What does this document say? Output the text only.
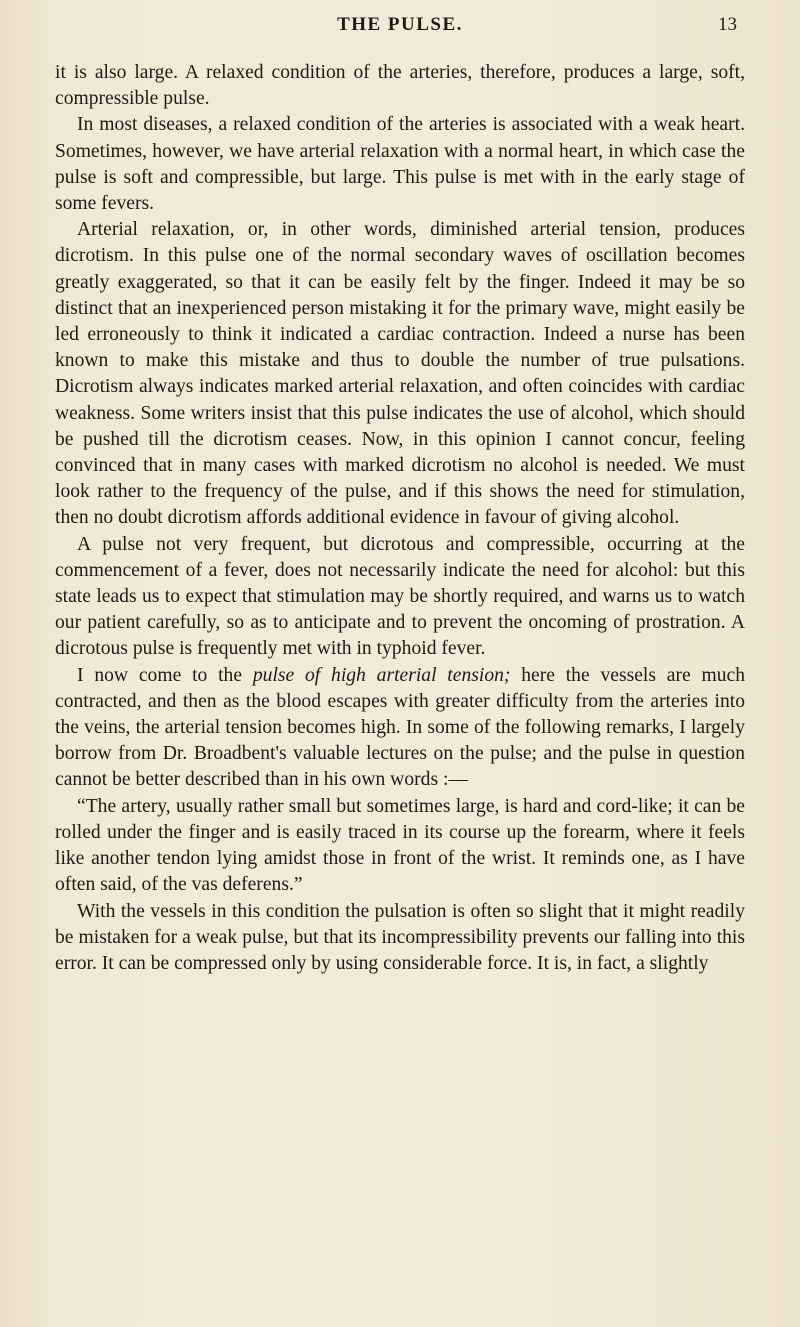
THE PULSE.	13

it is also large. A relaxed condition of the arteries, therefore, produces a large, soft, compressible pulse.

In most diseases, a relaxed condition of the arteries is associated with a weak heart. Sometimes, however, we have arterial relaxation with a normal heart, in which case the pulse is soft and compressible, but large. This pulse is met with in the early stage of some fevers.

Arterial relaxation, or, in other words, diminished arterial tension, produces dicrotism. In this pulse one of the normal secondary waves of oscillation becomes greatly exaggerated, so that it can be easily felt by the finger. Indeed it may be so distinct that an inexperienced person mistaking it for the primary wave, might easily be led erroneously to think it indicated a cardiac contraction. Indeed a nurse has been known to make this mistake and thus to double the number of true pulsations. Dicrotism always indicates marked arterial relaxation, and often coincides with cardiac weakness. Some writers insist that this pulse indicates the use of alcohol, which should be pushed till the dicrotism ceases. Now, in this opinion I cannot concur, feeling convinced that in many cases with marked dicrotism no alcohol is needed. We must look rather to the frequency of the pulse, and if this shows the need for stimulation, then no doubt dicrotism affords additional evidence in favour of giving alcohol.

A pulse not very frequent, but dicrotous and compressible, occurring at the commencement of a fever, does not necessarily indicate the need for alcohol: but this state leads us to expect that stimulation may be shortly required, and warns us to watch our patient carefully, so as to anticipate and to prevent the oncoming of prostration. A dicrotous pulse is frequently met with in typhoid fever.

I now come to the pulse of high arterial tension; here the vessels are much contracted, and then as the blood escapes with greater difficulty from the arteries into the veins, the arterial tension becomes high. In some of the following remarks, I largely borrow from Dr. Broadbent's valuable lectures on the pulse; and the pulse in question cannot be better described than in his own words :—

“The artery, usually rather small but sometimes large, is hard and cord-like; it can be rolled under the finger and is easily traced in its course up the forearm, where it feels like another tendon lying amidst those in front of the wrist. It reminds one, as I have often said, of the vas deferens.”

With the vessels in this condition the pulsation is often so slight that it might readily be mistaken for a weak pulse, but that its incompressibility prevents our falling into this error. It can be compressed only by using considerable force. It is, in fact, a slightly
